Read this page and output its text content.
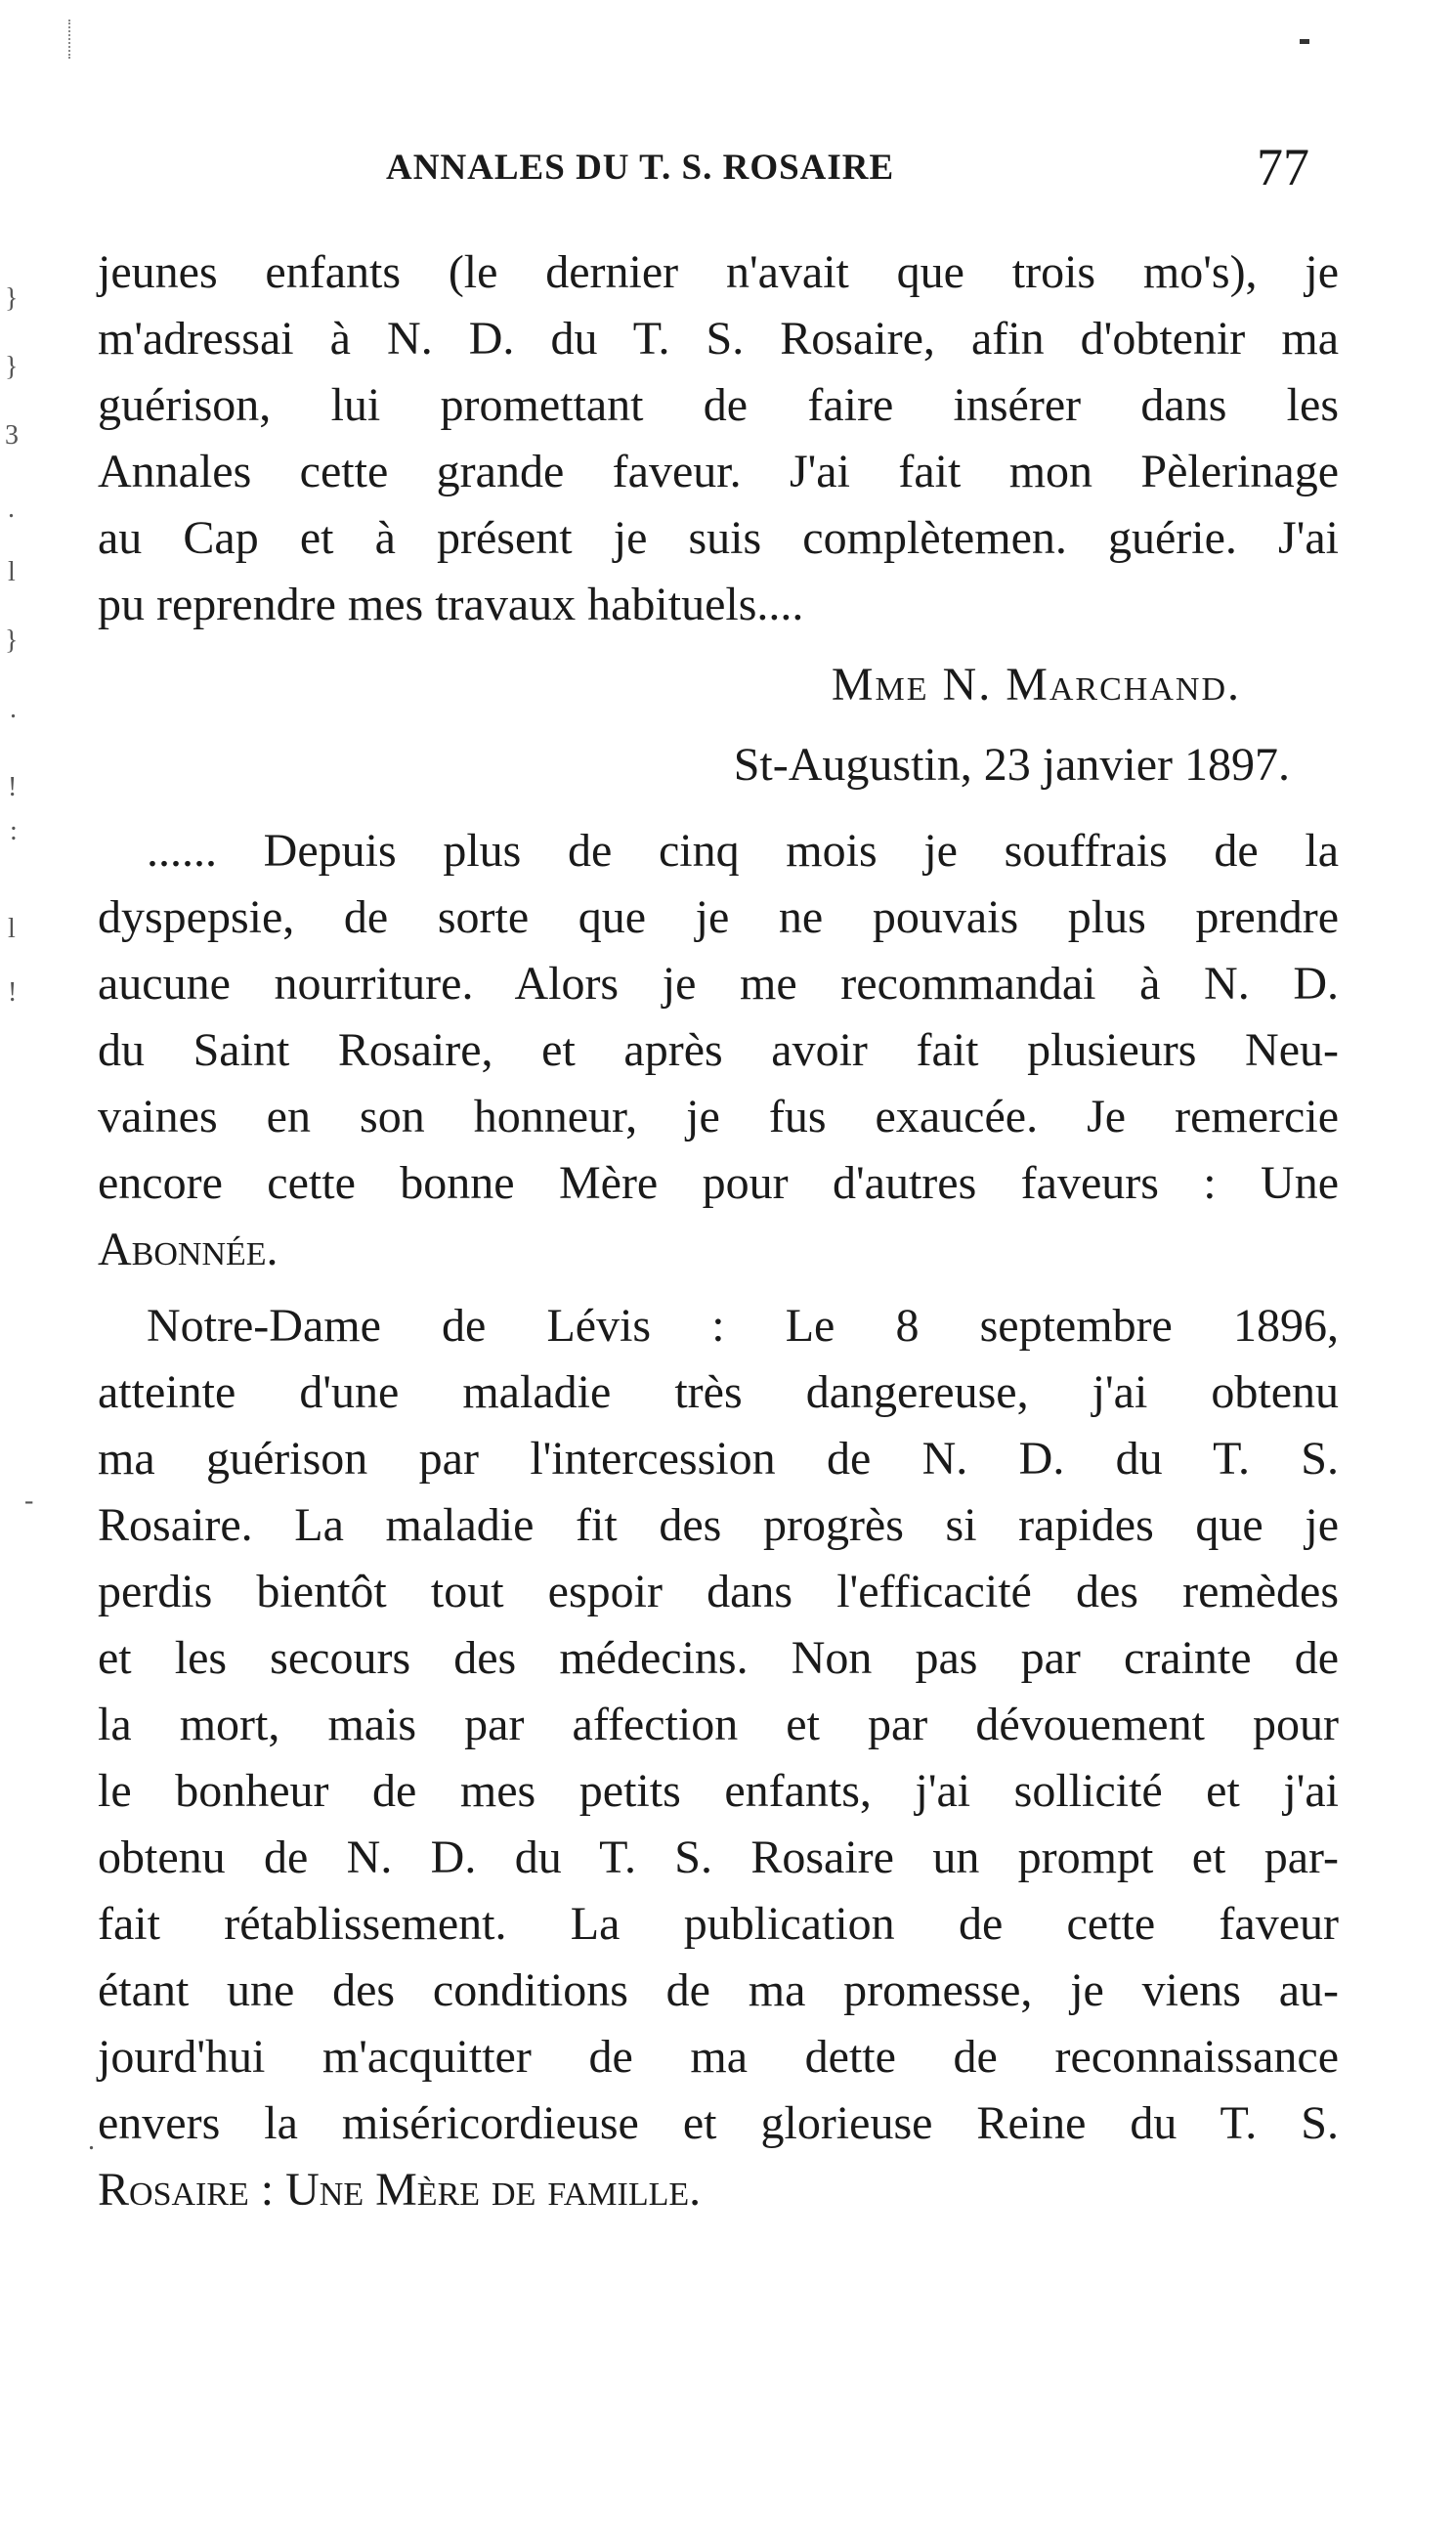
ANNALES DU T. S. ROSAIRE	77
}
}
3
.
l
}
.
!
:
l
!
-
.
jeunes enfants (le dernier n'avait que trois mo's), je
m'adressai à N. D. du T. S. Rosaire, afin d'obtenir ma
guérison, lui promettant de faire insérer dans les
Annales cette grande faveur. J'ai fait mon Pèlerinage
au Cap et à présent je suis complètemen. guérie. J'ai
pu reprendre mes travaux habituels....
Mme N. Marchand.
St-Augustin, 23 janvier 1897.
...... Depuis plus de cinq mois je souffrais de la
dyspepsie, de sorte que je ne pouvais plus prendre
aucune nourriture. Alors je me recommandai à N. D.
du Saint Rosaire, et après avoir fait plusieurs Neu-
vaines en son honneur, je fus exaucée. Je remercie
encore cette bonne Mère pour d'autres faveurs : Une
Abonnée.
Notre-Dame de Lévis : Le 8 septembre 1896,
atteinte d'une maladie très dangereuse, j'ai obtenu
ma guérison par l'intercession de N. D. du T. S.
Rosaire. La maladie fit des progrès si rapides que je
perdis bientôt tout espoir dans l'efficacité des remèdes
et les secours des médecins. Non pas par crainte de
la mort, mais par affection et par dévouement pour
le bonheur de mes petits enfants, j'ai sollicité et j'ai
obtenu de N. D. du T. S. Rosaire un prompt et par-
fait rétablissement. La publication de cette faveur
étant une des conditions de ma promesse, je viens au-
jourd'hui m'acquitter de ma dette de reconnaissance
envers la miséricordieuse et glorieuse Reine du T. S.
Rosaire : Une Mère de famille.
